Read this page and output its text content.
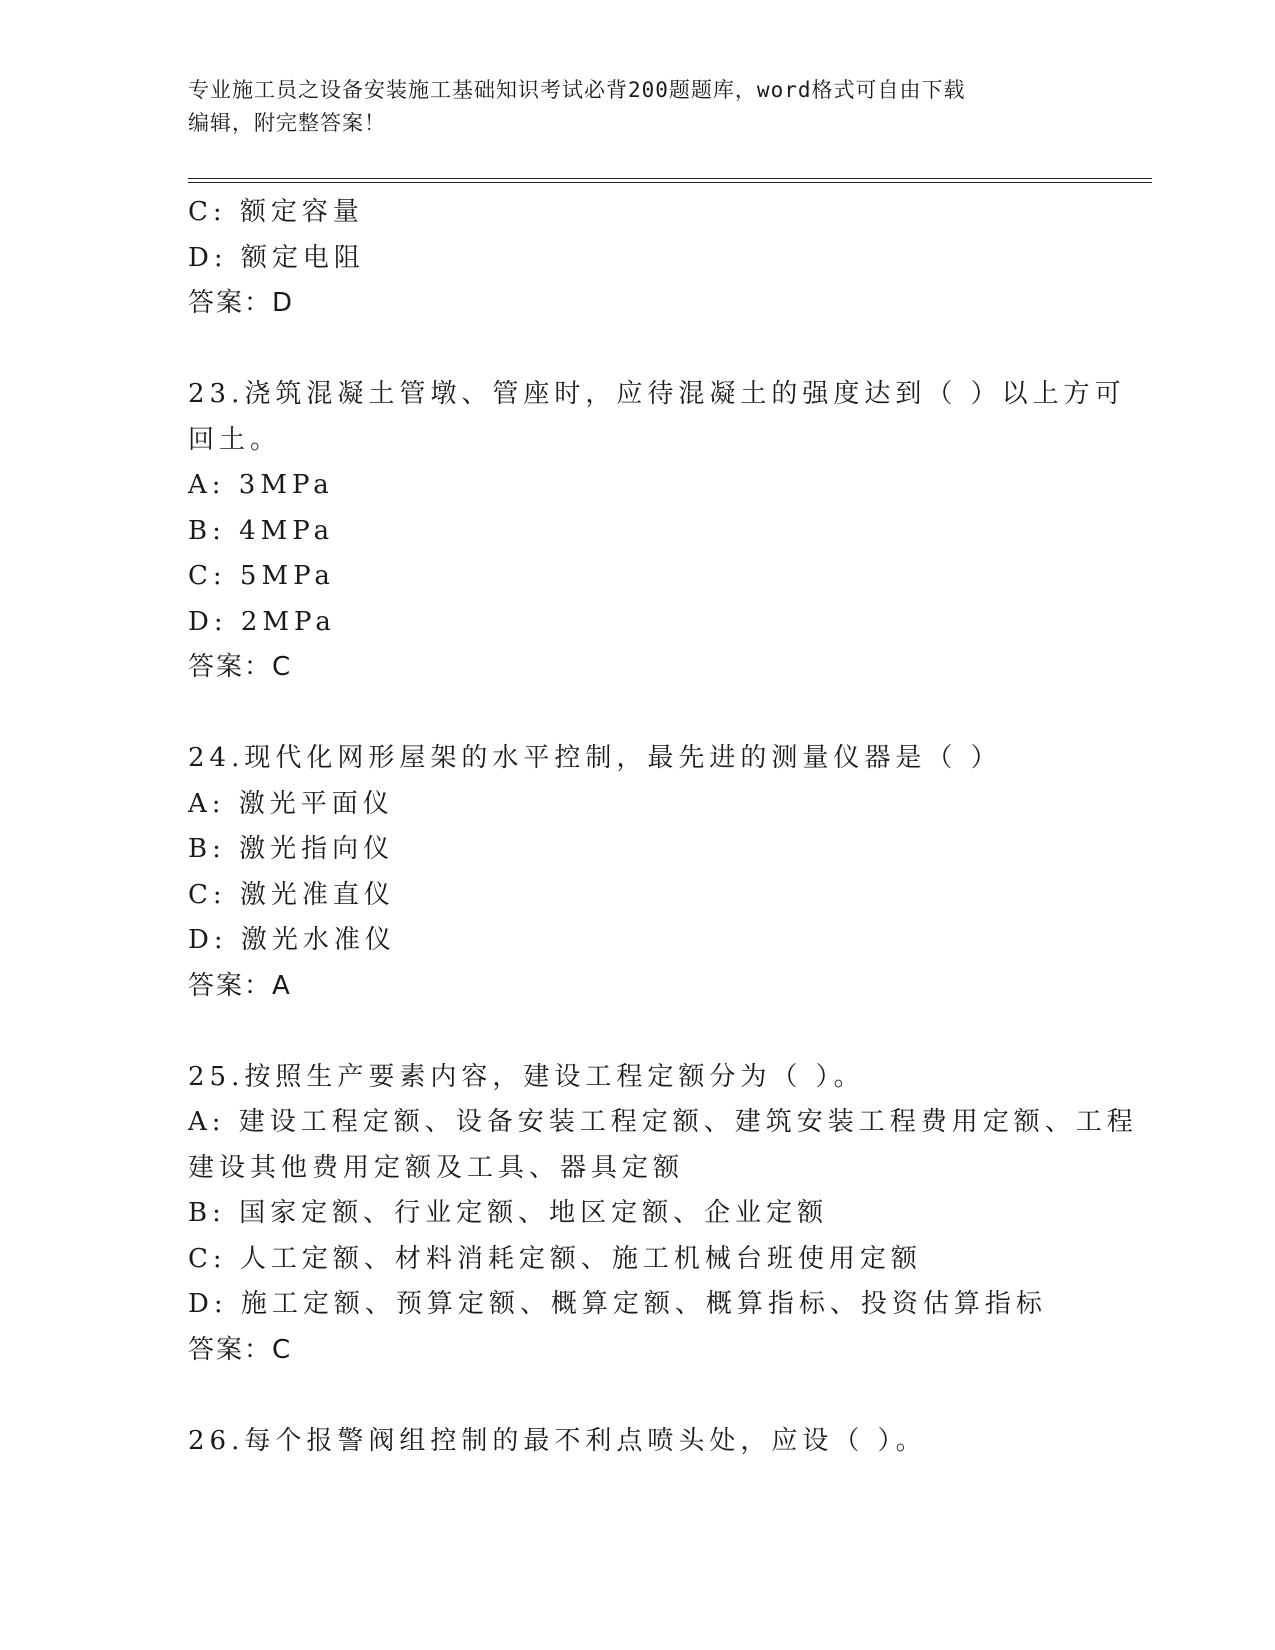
专业施工员之设备安装施工基础知识考试必背200题题库，word格式可自由下载
编辑，附完整答案！
C: 额定容量
D: 额定电阻
答案：D
23.浇筑混凝土管墩、管座时，应待混凝土的强度达到（ ）以上方可
回土。
A: 3MPa
B: 4MPa
C: 5MPa
D: 2MPa
答案：C
24.现代化网形屋架的水平控制，最先进的测量仪器是（ ）
A: 激光平面仪
B: 激光指向仪
C: 激光准直仪
D: 激光水准仪
答案：A
25.按照生产要素内容，建设工程定额分为（ ）。
A: 建设工程定额、设备安装工程定额、建筑安装工程费用定额、工程
建设其他费用定额及工具、器具定额
B: 国家定额、行业定额、地区定额、企业定额
C: 人工定额、材料消耗定额、施工机械台班使用定额
D: 施工定额、预算定额、概算定额、概算指标、投资估算指标
答案：C
26.每个报警阀组控制的最不利点喷头处，应设（ ）。
